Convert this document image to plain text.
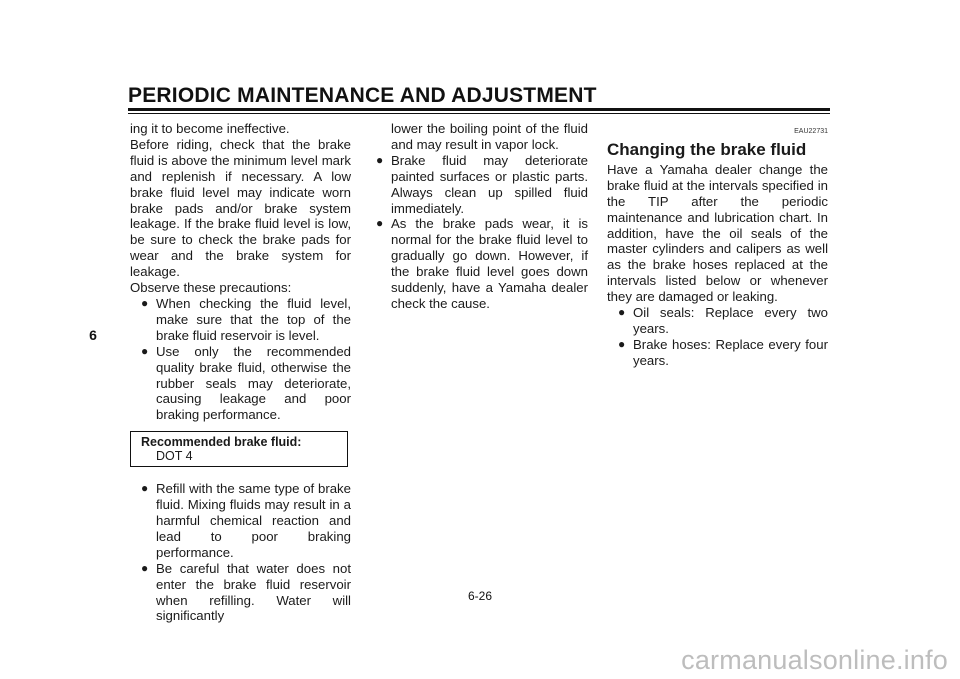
PERIODIC MAINTENANCE AND ADJUSTMENT
6

ing it to become ineffective.

Before riding, check that the brake fluid is above the minimum level mark and replenish if necessary. A low brake fluid level may indicate worn brake pads and/or brake system leakage. If the brake fluid level is low, be sure to check the brake pads for wear and the brake system for leakage.

Observe these precautions:

● When checking the fluid level, make sure that the top of the brake fluid reservoir is level.
● Use only the recommended quality brake fluid, otherwise the rubber seals may deteriorate, causing leakage and poor braking performance.
Recommended brake fluid:
DOT 4
● Refill with the same type of brake fluid. Mixing fluids may result in a harmful chemical reaction and lead to poor braking performance.
● Be careful that water does not enter the brake fluid reservoir when refilling. Water will significantly

lower the boiling point of the fluid and may result in vapor lock.

● Brake fluid may deteriorate painted surfaces or plastic parts. Always clean up spilled fluid immediately.
● As the brake pads wear, it is normal for the brake fluid level to gradually go down. However, if the brake fluid level goes down suddenly, have a Yamaha dealer check the cause.
EAU22731
Changing the brake fluid

Have a Yamaha dealer change the brake fluid at the intervals specified in the TIP after the periodic maintenance and lubrication chart. In addition, have the oil seals of the master cylinders and calipers as well as the brake hoses replaced at the intervals listed below or whenever they are damaged or leaking.

● Oil seals: Replace every two years.
● Brake hoses: Replace every four years.
6-26
carmanualsonline.info
